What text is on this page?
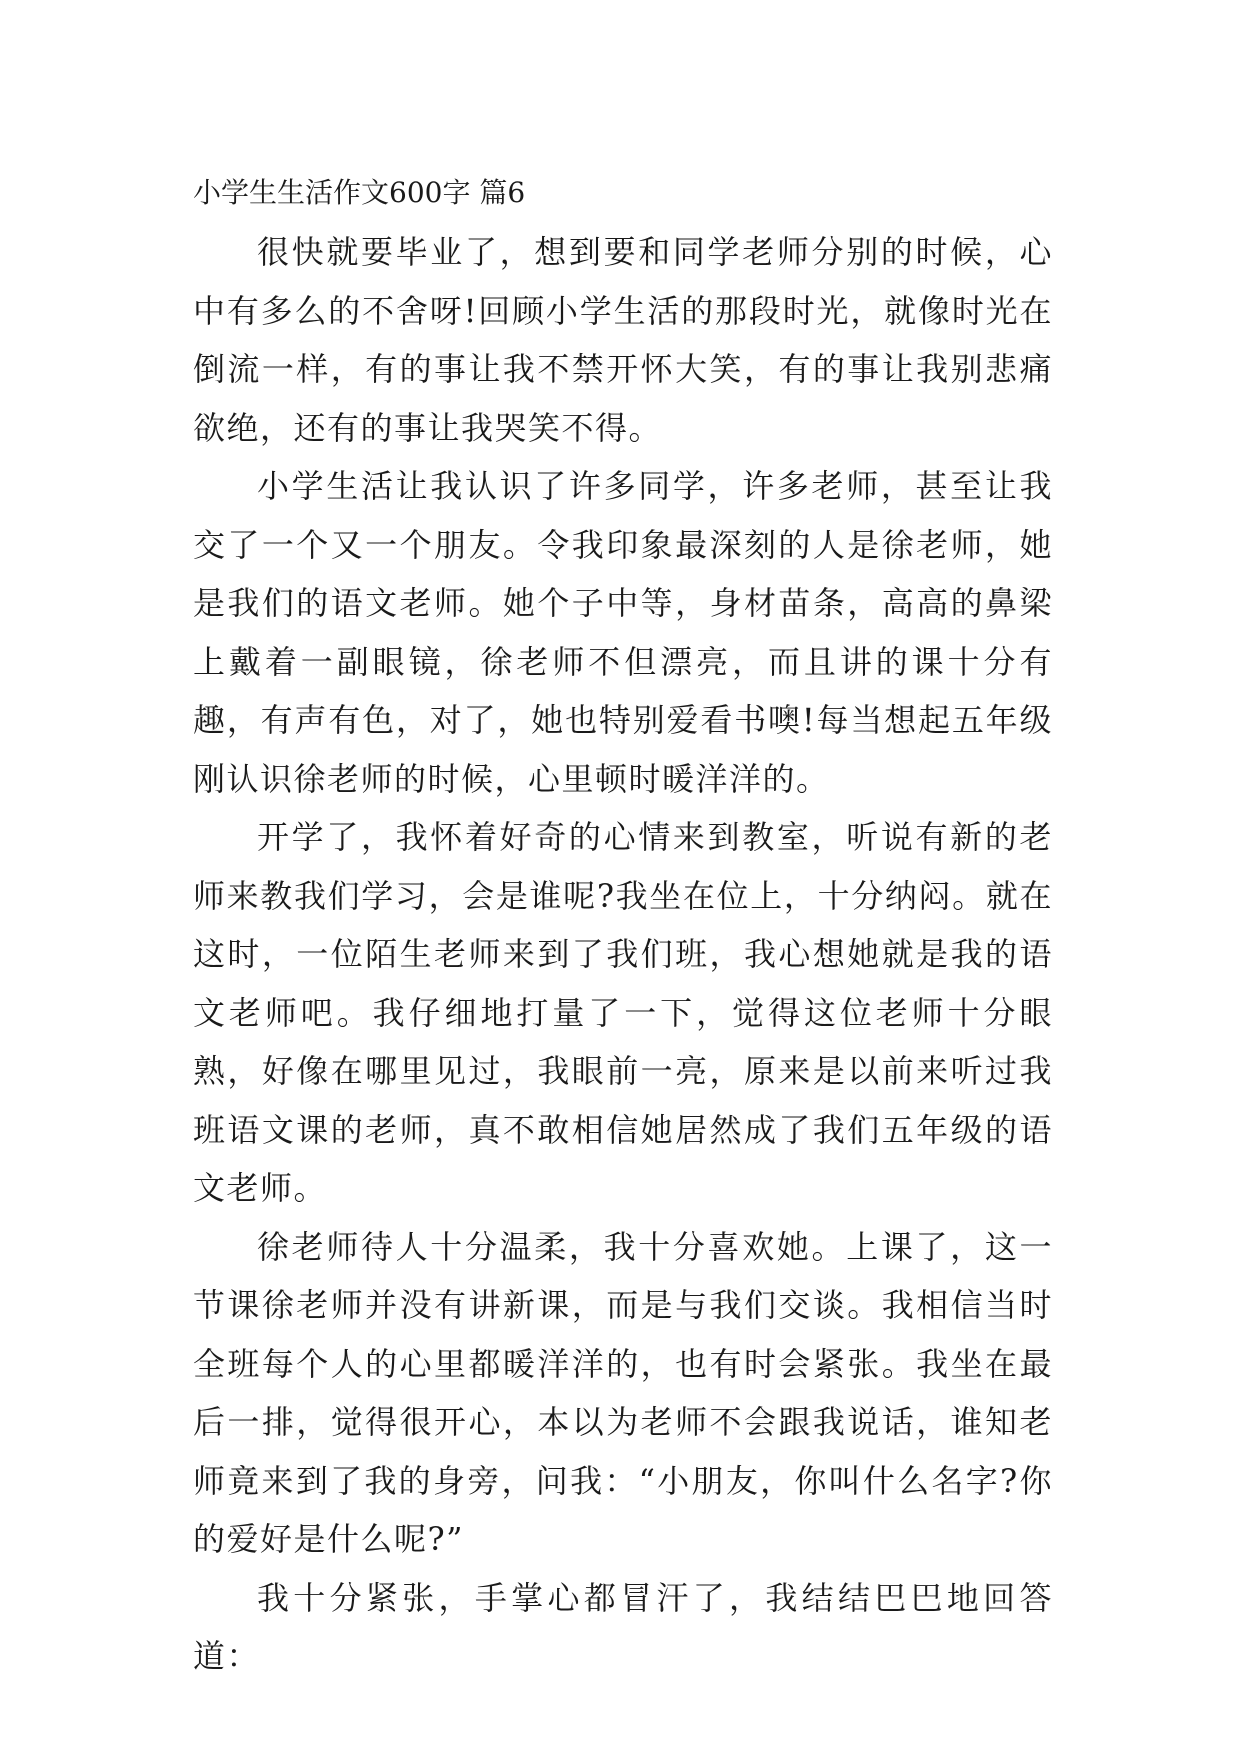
小学生生活作文600字 篇6

很快就要毕业了，想到要和同学老师分别的时候，心中有多么的不舍呀!回顾小学生活的那段时光，就像时光在倒流一样，有的事让我不禁开怀大笑，有的事让我别悲痛欲绝，还有的事让我哭笑不得。

小学生活让我认识了许多同学，许多老师，甚至让我交了一个又一个朋友。令我印象最深刻的人是徐老师，她是我们的语文老师。她个子中等，身材苗条，高高的鼻梁上戴着一副眼镜，徐老师不但漂亮，而且讲的课十分有趣，有声有色，对了，她也特别爱看书噢!每当想起五年级刚认识徐老师的时候，心里顿时暖洋洋的。

开学了，我怀着好奇的心情来到教室，听说有新的老师来教我们学习，会是谁呢?我坐在位上，十分纳闷。就在这时，一位陌生老师来到了我们班，我心想她就是我的语文老师吧。我仔细地打量了一下，觉得这位老师十分眼熟，好像在哪里见过，我眼前一亮，原来是以前来听过我班语文课的老师，真不敢相信她居然成了我们五年级的语文老师。

徐老师待人十分温柔，我十分喜欢她。上课了，这一节课徐老师并没有讲新课，而是与我们交谈。我相信当时全班每个人的心里都暖洋洋的，也有时会紧张。我坐在最后一排，觉得很开心，本以为老师不会跟我说话，谁知老师竟来到了我的身旁，问我：“小朋友，你叫什么名字?你的爱好是什么呢?”

我十分紧张，手掌心都冒汗了，我结结巴巴地回答道：
